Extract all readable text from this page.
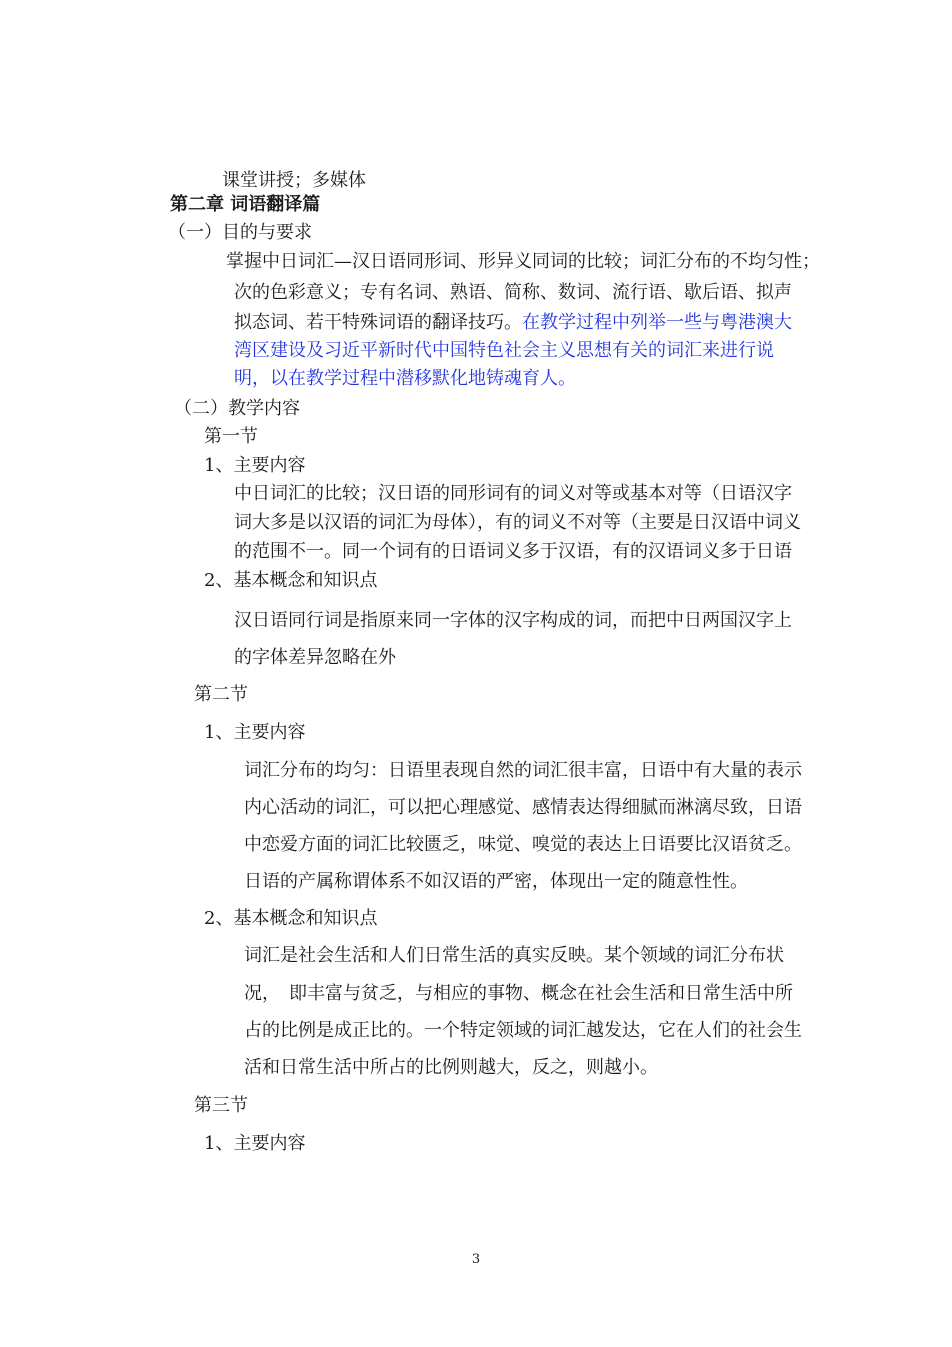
课堂讲授；多媒体
第二章 词语翻译篇
（一）目的与要求
掌握中日词汇—汉日语同形词、形异义同词的比较；词汇分布的不均匀性；
次的色彩意义；专有名词、熟语、简称、数词、流行语、歇后语、拟声
拟态词、若干特殊词语的翻译技巧。在教学过程中列举一些与粤港澳大
湾区建设及习近平新时代中国特色社会主义思想有关的词汇来进行说
明，以在教学过程中潜移默化地铸魂育人。
（二）教学内容
第一节
1、主要内容
中日词汇的比较；汉日语的同形词有的词义对等或基本对等（日语汉字
词大多是以汉语的词汇为母体），有的词义不对等（主要是日汉语中词义
的范围不一。同一个词有的日语词义多于汉语，有的汉语词义多于日语
2、基本概念和知识点
汉日语同行词是指原来同一字体的汉字构成的词，而把中日两国汉字上
的字体差异忽略在外
第二节
1、主要内容
词汇分布的均匀：日语里表现自然的词汇很丰富，日语中有大量的表示
内心活动的词汇，可以把心理感觉、感情表达得细腻而淋漓尽致，日语
中恋爱方面的词汇比较匮乏，味觉、嗅觉的表达上日语要比汉语贫乏。
日语的产属称谓体系不如汉语的严密，体现出一定的随意性性。
2、基本概念和知识点
词汇是社会生活和人们日常生活的真实反映。某个领域的词汇分布状
况，　即丰富与贫乏，与相应的事物、概念在社会生活和日常生活中所
占的比例是成正比的。一个特定领域的词汇越发达，它在人们的社会生
活和日常生活中所占的比例则越大，反之，则越小。
第三节
1、主要内容
3
